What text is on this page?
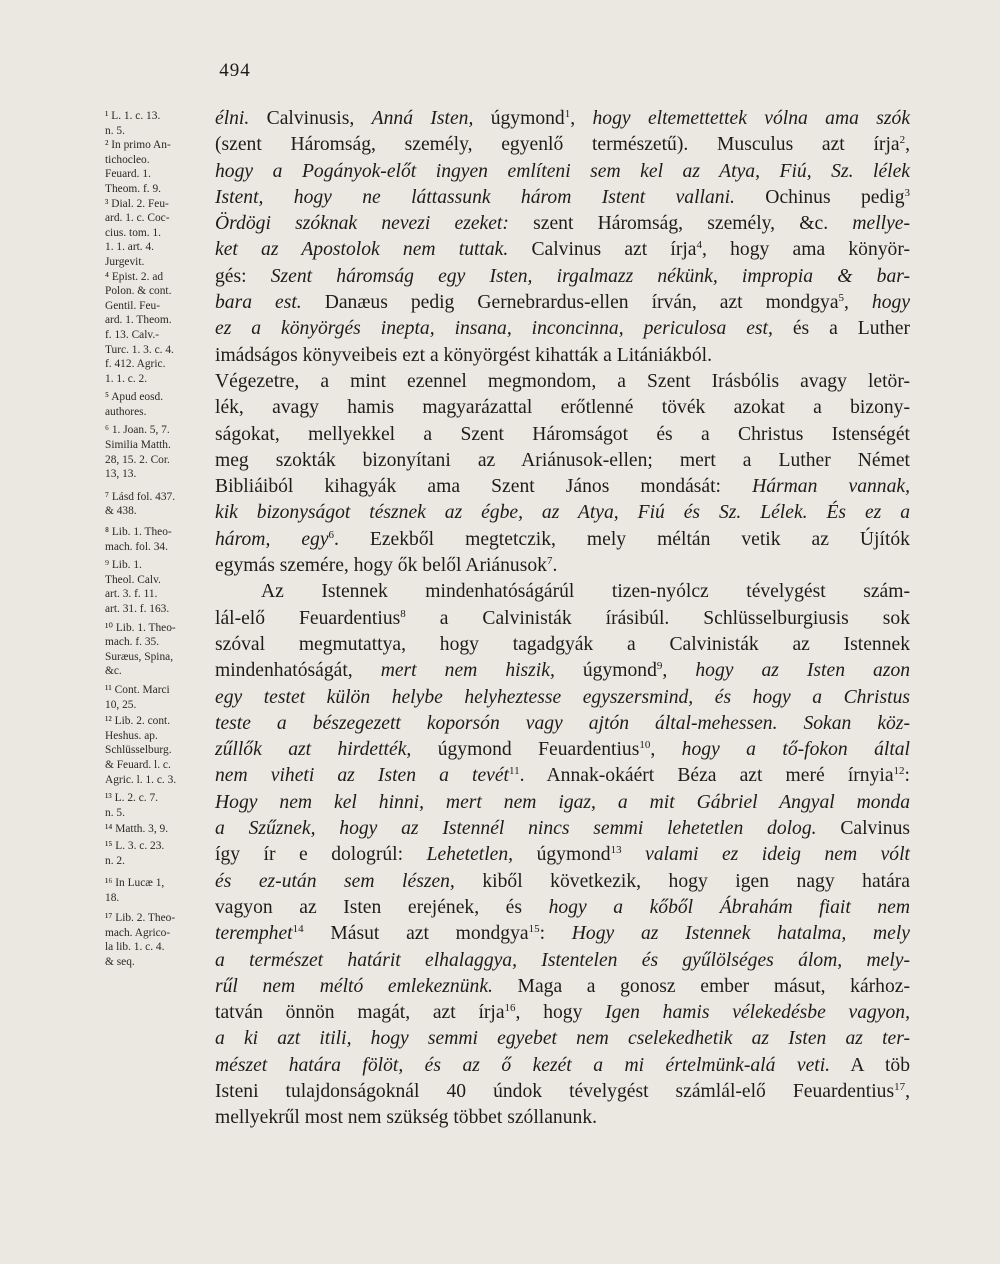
494

¹ L. 1. c. 13.
n. 5.

² In primo An-
tichocleo.
Feuard. 1.
Theom. f. 9.

³ Dial. 2. Feu-
ard. 1. c. Coc-
cius. tom. 1.
1. 1. art. 4.
Jurgevit.

⁴ Epist. 2. ad
Polon. & cont.
Gentil. Feu-
ard. 1. Theom.
f. 13. Calv.-
Turc. 1. 3. c. 4.
f. 412. Agric.
1. 1. c. 2.

⁵ Apud eosd.
authores.

⁶ 1. Joan. 5, 7.
Similia Matth.
28, 15. 2. Cor.
13, 13.

⁷ Lásd fol. 437.
& 438.

⁸ Lib. 1. Theo-
mach. fol. 34.

⁹ Lib. 1.
Theol. Calv.
art. 3. f. 11.
art. 31. f. 163.

¹⁰ Lib. 1. Theo-
mach. f. 35.
Suræus, Spina,
&c.

¹¹ Cont. Marci
10, 25.

¹² Lib. 2. cont.
Heshus. ap.
Schlüsselburg.
& Feuard. l. c.
Agric. l. 1. c. 3.

¹³ L. 2. c. 7.
n. 5.

¹⁴ Matth. 3, 9.

¹⁵ L. 3. c. 23.
n. 2.

¹⁶ In Lucæ 1,
18.

¹⁷ Lib. 2. Theo-
mach. Agrico-
la lib. 1. c. 4.
& seq.

élni. Calvinusis, Anná Isten, úgymond$^1$, hogy eltemettettek vólna ama szók
(szent Háromság, személy, egyenlő természetű). Musculus azt írja$^2$,
hogy a Pogányok-előt ingyen említeni sem kel az Atya, Fiú, Sz. lélek
Istent, hogy ne láttassunk három Istent vallani. Ochinus pedig$^3$
Ördögi szóknak nevezi ezeket: szent Háromság, személy, &c. mellye-
ket az Apostolok nem tuttak. Calvinus azt írja$^4$, hogy ama könyör-
gés: Szent háromság egy Isten, irgalmazz nékünk, impropia & bar-
bara est. Danæus pedig Gernebrardus-ellen írván, azt mondgya$^5$, hogy
ez a könyörgés inepta, insana, inconcinna, periculosa est, és a Luther
imádságos könyveibeis ezt a könyörgést kihatták a Litániákból.
Végezetre, a mint ezennel megmondom, a Szent Irásbólis avagy letör-
lék, avagy hamis magyarázattal erőtlenné tövék azokat a bizony-
ságokat, mellyekkel a Szent Háromságot és a Christus Istenségét
meg szokták bizonyítani az Ariánusok-ellen; mert a Luther Német
Bibliáiból kihagyák ama Szent János mondását: Hárman vannak,
kik bizonyságot tésznek az égbe, az Atya, Fiú és Sz. Lélek. És ez a
három, egy$^6$. Ezekből megtetczik, mely méltán vetik az Újítók
egymás szemére, hogy ők belől Ariánusok$^7$.
Az Istennek mindenhatóságárúl tizen-nyólcz tévelygést szám-
lál-elő Feuardentius$^8$ a Calvinisták írásibúl. Schlüsselburgiusis sok
szóval megmutattya, hogy tagadgyák a Calvinisták az Istennek
mindenhatóságát, mert nem hiszik, úgymond$^9$, hogy az Isten azon
egy testet külön helybe helyheztesse egyszersmind, és hogy a Christus
teste a bészegezett koporsón vagy ajtón által-mehessen. Sokan köz-
zűllők azt hirdették, úgymond Feuardentius$^{10}$, hogy a tő-fokon által
nem viheti az Isten a tevét$^{11}$. Annak-okáért Béza azt meré írnyia$^{12}$:
Hogy nem kel hinni, mert nem igaz, a mit Gábriel Angyal monda
a Szűznek, hogy az Istennél nincs semmi lehetetlen dolog. Calvinus
így ír e dologrúl: Lehetetlen, úgymond$^{13}$ valami ez ideig nem vólt
és ez-után sem lészen, kiből következik, hogy igen nagy határa
vagyon az Isten erejének, és hogy a kőből Ábrahám fiait nem
teremphet$^{14}$ Másut azt mondgya$^{15}$: Hogy az Istennek hatalma, mely
a természet határit elhalaggya, Istentelen és gyűlölséges álom, mely-
rűl nem méltó emlekeznünk. Maga a gonosz ember másut, kárhoz-
tatván önnön magát, azt írja$^{16}$, hogy Igen hamis vélekedésbe vagyon,
a ki azt itili, hogy semmi egyebet nem cselekedhetik az Isten az ter-
mészet határa fölöt, és az ő kezét a mi értelmünk-alá veti. A töb
Isteni tulajdonságoknál 40 úndok tévelygést számlál-elő Feuardentius$^{17}$,
mellyekrűl most nem szükség többet szóllanunk.
